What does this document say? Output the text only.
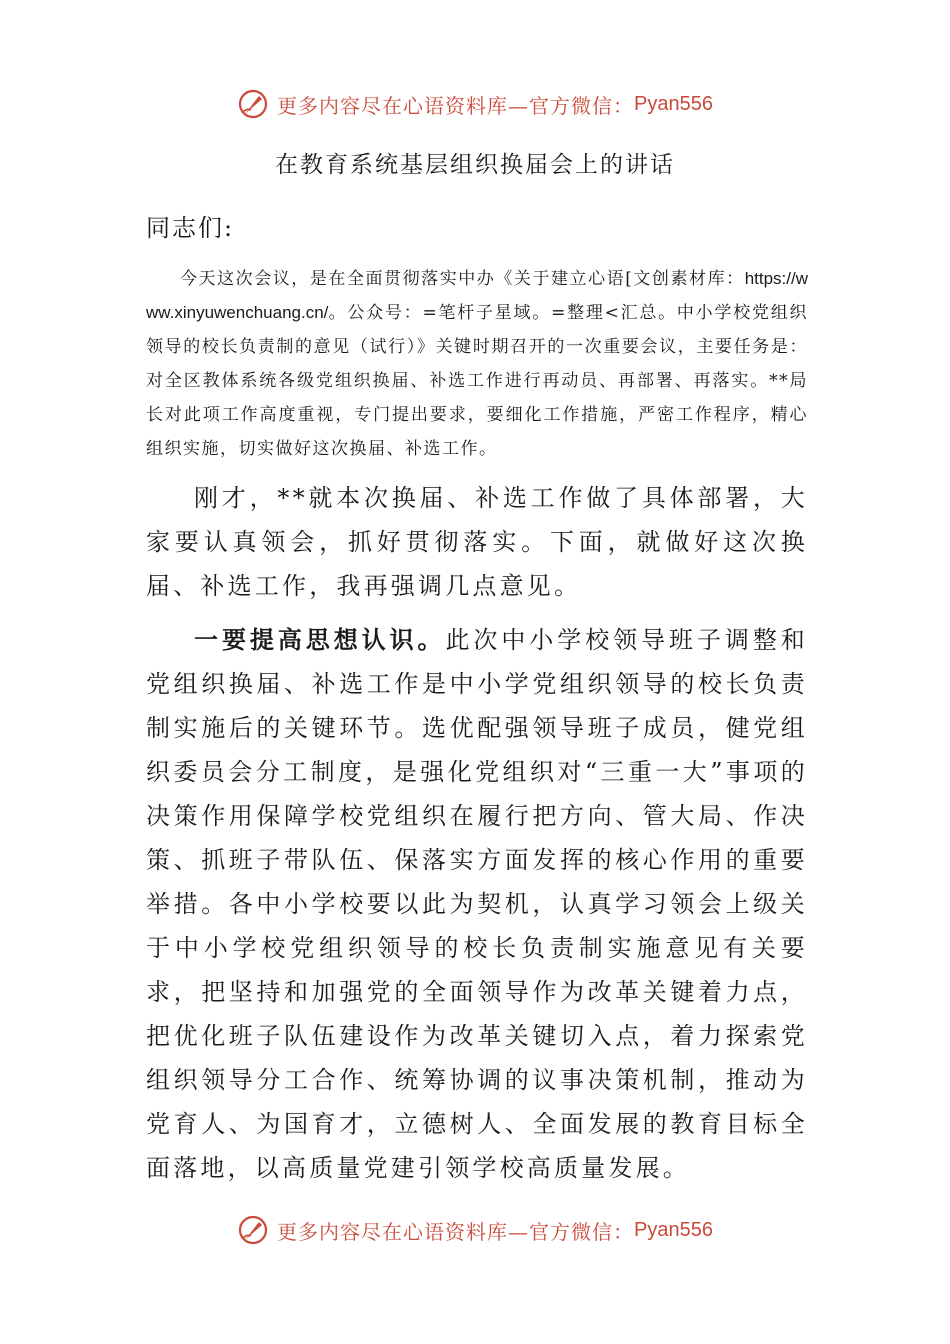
更多内容尽在心语资料库—官方微信： Pyan556
在教育系统基层组织换届会上的讲话

同志们:

今天这次会议，是在全面贯彻落实中办《关于建立心语[文创素材库：https://www.xinyuwenchuang.cn/。公众号：=笔杆子星域。=整理<汇总。中小学校党组织领导的校长负责制的意见（试行）》关键时期召开的一次重要会议，主要任务是：对全区教体系统各级党组织换届、补选工作进行再动员、再部署、再落实。**局长对此项工作高度重视，专门提出要求，要细化工作措施，严密工作程序，精心组织实施，切实做好这次换届、补选工作。

刚才，**就本次换届、补选工作做了具体部署，大家要认真领会，抓好贯彻落实。下面，就做好这次换届、补选工作，我再强调几点意见。

一要提高思想认识。此次中小学校领导班子调整和党组织换届、补选工作是中小学党组织领导的校长负责制实施后的关键环节。选优配强领导班子成员，健党组织委员会分工制度，是强化党组织对“三重一大”事项的决策作用保障学校党组织在履行把方向、管大局、作决策、抓班子带队伍、保落实方面发挥的核心作用的重要举措。各中小学校要以此为契机，认真学习领会上级关于中小学校党组织领导的校长负责制实施意见有关要求，把坚持和加强党的全面领导作为改革关键着力点，把优化班子队伍建设作为改革关键切入点，着力探索党组织领导分工合作、统筹协调的议事决策机制，推动为党育人、为国育才，立德树人、全面发展的教育目标全面落地，以高质量党建引领学校高质量发展。

更多内容尽在心语资料库—官方微信： Pyan556
